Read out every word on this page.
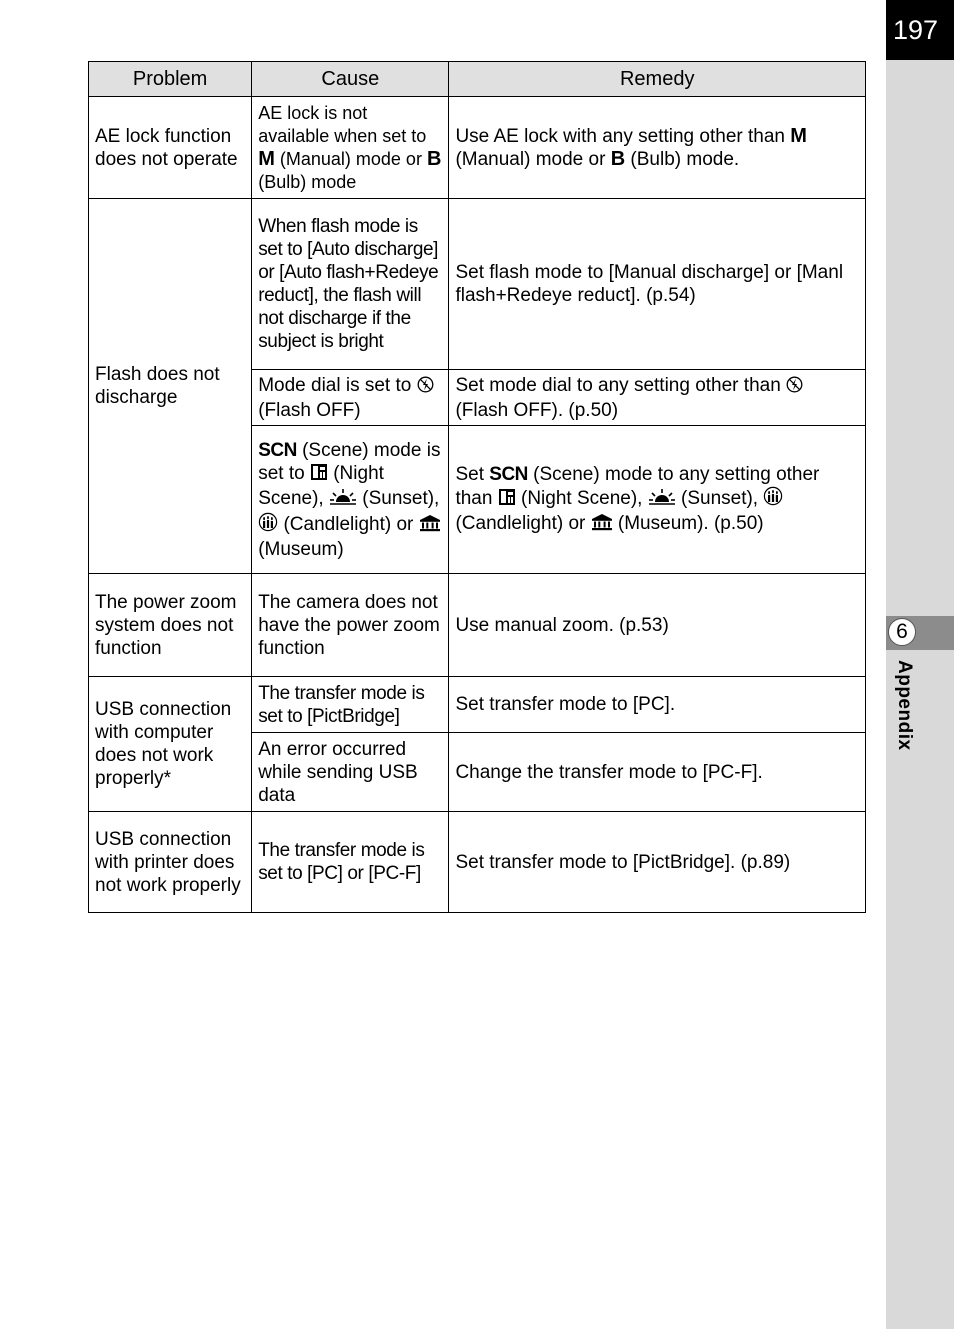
197
6
Appendix
Problem	Cause	Remedy
AE lock function does not operate	AE lock is not available when set to M (Manual) mode or B (Bulb) mode	Use AE lock with any setting other than M (Manual) mode or B (Bulb) mode.
Flash does not discharge	When flash mode is set to [Auto discharge] or [Auto flash+Redeye reduct], the flash will not discharge if the subject is bright	Set flash mode to [Manual discharge] or [Manl flash+Redeye reduct]. (p.54)
	Mode dial is set to  (Flash OFF)	Set mode dial to any setting other than  (Flash OFF). (p.50)
	SCN (Scene) mode is set to  (Night Scene),  (Sunset),  (Candlelight) or  (Museum)	Set SCN (Scene) mode to any setting other than  (Night Scene),  (Sunset),  (Candlelight) or  (Museum). (p.50)
The power zoom system does not function	The camera does not have the power zoom function	Use manual zoom. (p.53)
USB connection with computer does not work properly*	The transfer mode is set to [PictBridge]	Set transfer mode to [PC].
	An error occurred while sending USB data	Change the transfer mode to [PC-F].
USB connection with printer does not work properly	The transfer mode is set to [PC] or [PC-F]	Set transfer mode to [PictBridge]. (p.89)
